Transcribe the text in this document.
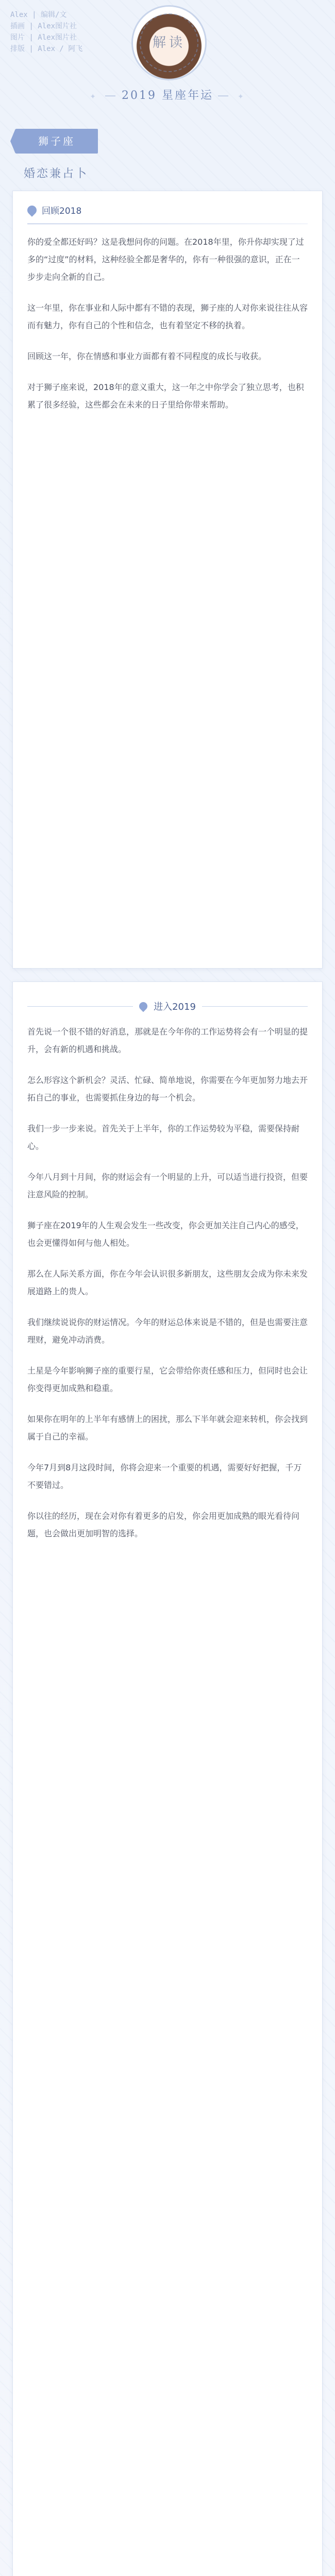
Alex | 编辑/文
插画 | Alex图片社
图片 | Alex图片社
排版 | Alex / 阿飞	解读
✦ — 2019 星座年运 — ✦
狮子座
婚恋兼占卜
回顾2018

你的爱全都还好吗？这是我想问你的问题。在2018年里，你升你却实现了过多的“过度”的材料，这种经验全都是奢华的，你有一种很强的意识，正在一步步走向全新的自己。

这一年里，你在事业和人际中都有不错的表现，狮子座的人对你来说往往从容而有魅力，你有自己的个性和信念，也有着坚定不移的执着。

回顾这一年，你在情感和事业方面都有着不同程度的成长与收获。

对于狮子座来说，2018年的意义重大，这一年之中你学会了独立思考，也积累了很多经验，这些都会在未来的日子里给你带来帮助。

进入2019

首先说一个很不错的好消息，那就是在今年你的工作运势将会有一个明显的提升，会有新的机遇和挑战。

怎么形容这个新机会？灵活、忙碌、简单地说，你需要在今年更加努力地去开拓自己的事业，也需要抓住身边的每一个机会。

我们一步一步来说。首先关于上半年，你的工作运势较为平稳，需要保持耐心。

今年八月到十月间，你的财运会有一个明显的上升，可以适当进行投资，但要注意风险的控制。

狮子座在2019年的人生观会发生一些改变，你会更加关注自己内心的感受，也会更懂得如何与他人相处。

那么在人际关系方面，你在今年会认识很多新朋友，这些朋友会成为你未来发展道路上的贵人。

我们继续说说你的财运情况。今年的财运总体来说是不错的，但是也需要注意理财，避免冲动消费。

土星是今年影响狮子座的重要行星，它会带给你责任感和压力，但同时也会让你变得更加成熟和稳重。

如果你在明年的上半年有感情上的困扰，那么下半年就会迎来转机，你会找到属于自己的幸福。

今年7月到8月这段时间，你将会迎来一个重要的机遇，需要好好把握，千万不要错过。

你以往的经历，现在会对你有着更多的启发，你会用更加成熟的眼光看待问题，也会做出更加明智的选择。
